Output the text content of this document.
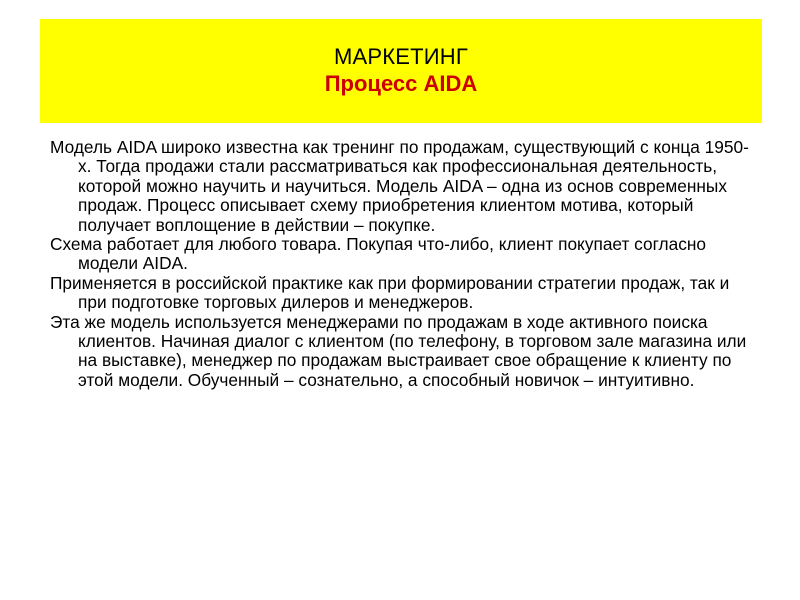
МАРКЕТИНГ
Процесс AIDA

Модель AIDA широко известна как тренинг по продажам, существующий с конца 1950-х. Тогда продажи стали рассматриваться как профессиональная деятельность, которой можно научить и научиться. Модель AIDA – одна из основ современных продаж. Процесс описывает схему приобретения клиентом мотива, который получает воплощение в действии – покупке.

Схема работает для любого товара. Покупая что-либо, клиент покупает согласно модели AIDA.

Применяется в российской практике как при формировании стратегии продаж, так и при подготовке торговых дилеров и менеджеров.

Эта же модель используется менеджерами по продажам в ходе активного поиска клиентов. Начиная диалог с клиентом (по телефону, в торговом зале магазина или на выставке), менеджер по продажам выстраивает свое обращение к клиенту по этой модели. Обученный – сознательно, а способный новичок – интуитивно.
